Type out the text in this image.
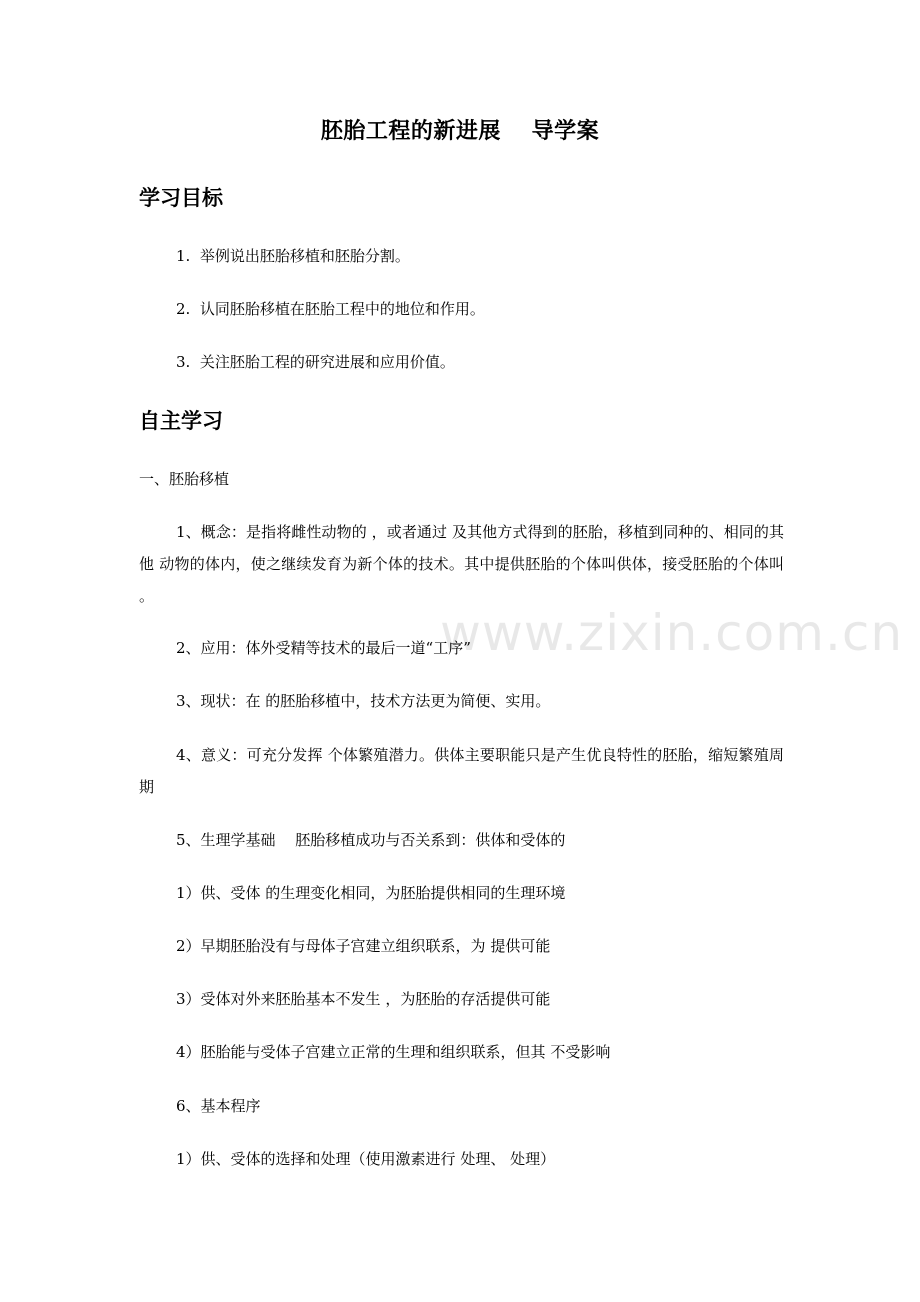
www.zixin.com.cn
胚胎工程的新进展　 导学案
学习目标
1.  举例说出胚胎移植和胚胎分割。
2.  认同胚胎移植在胚胎工程中的地位和作用。
3.  关注胚胎工程的研究进展和应用价值。
自主学习
一、胚胎移植
1、概念：是指将雌性动物的 ，或者通过 及其他方式得到的胚胎，移植到同种的、相同的其他 动物的体内，使之继续发育为新个体的技术。其中提供胚胎的个体叫供体，接受胚胎的个体叫 。
2、应用：体外受精等技术的最后一道“工序”
3、现状：在 的胚胎移植中，技术方法更为简便、实用。
4、意义：可充分发挥 个体繁殖潜力。供体主要职能只是产生优良特性的胚胎，缩短繁殖周期
5、生理学基础　 胚胎移植成功与否关系到：供体和受体的
1）供、受体 的生理变化相同，为胚胎提供相同的生理环境
2）早期胚胎没有与母体子宫建立组织联系，为 提供可能
3）受体对外来胚胎基本不发生 ，为胚胎的存活提供可能
4）胚胎能与受体子宫建立正常的生理和组织联系，但其 不受影响
6、基本程序
1）供、受体的选择和处理（使用激素进行 处理、 处理）
